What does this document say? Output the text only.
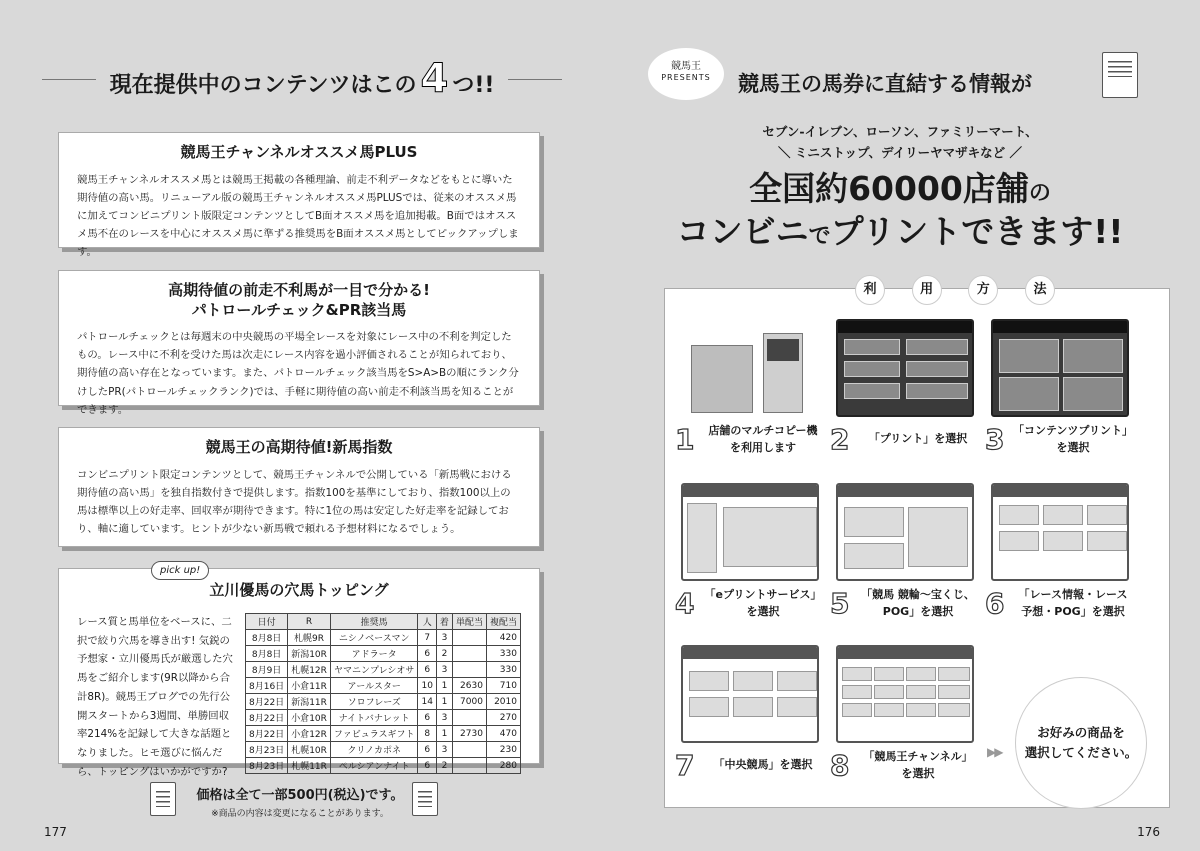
現在提供中のコンテンツはこの 4 つ!!
競馬王チャンネルオススメ馬PLUS

競馬王チャンネルオススメ馬とは競馬王掲載の各種理論、前走不利データなどをもとに導いた期待値の高い馬。リニューアル版の競馬王チャンネルオススメ馬PLUSでは、従来のオススメ馬に加えてコンビニプリント版限定コンテンツとしてB面オススメ馬を追加掲載。B面ではオススメ馬不在のレースを中心にオススメ馬に準ずる推奨馬をB面オススメ馬としてピックアップします。

高期待値の前走不利馬が一目で分かる!
パトロールチェック&PR該当馬

パトロールチェックとは毎週末の中央競馬の平場全レースを対象にレース中の不利を判定したもの。レース中に不利を受けた馬は次走にレース内容を過小評価されることが知られており、期待値の高い存在となっています。また、パトロールチェック該当馬をS>A>Bの順にランク分けしたPR(パトロールチェックランク)では、手軽に期待値の高い前走不利該当馬を知ることができます。

競馬王の高期待値!新馬指数

コンビニプリント限定コンテンツとして、競馬王チャンネルで公開している「新馬戦における期待値の高い馬」を独自指数付きで提供します。指数100を基準にしており、指数100以上の馬は標準以上の好走率、回収率が期待できます。特に1位の馬は安定した好走率を記録しており、軸に適しています。ヒントが少ない新馬戦で頼れる予想材料になるでしょう。

pick up!
立川優馬の穴馬トッピング
レース質と馬単位をベースに、二択で絞り穴馬を導き出す! 気鋭の予想家・立川優馬氏が厳選した穴馬をご紹介します(9R以降から合計8R)。競馬王ブログでの先行公開スタートから3週間、単勝回収率214%を記録して大きな話題となりました。ヒモ選びに悩んだら、トッピングはいかがですか?
日付	R	推奨馬	人	着	単配当	複配当
8月8日	札幌9R	ニシノベースマン	7	3		420
8月8日	新潟10R	アドラータ	6	2		330
8月9日	札幌12R	ヤマニンプレシオサ	6	3		330
8月16日	小倉11R	アールスター	10	1	2630	710
8月22日	新潟11R	ソロフレーズ	14	1	7000	2010
8月22日	小倉10R	ナイトバナレット	6	3		270
8月22日	小倉12R	ファビュラスギフト	8	1	2730	470
8月23日	札幌10R	クリノカポネ	6	3		230
8月23日	札幌11R	ペルシアンナイト	6	2		280
価格は全て一部500円(税込)です。
※商品の内容は変更になることがあります。
177
競馬王
PRESENTS	競馬王の馬券に直結する情報が
セブン-イレブン、ローソン、ファミリーマート、
＼ ミニストップ、デイリーヤマザキなど ／
全国約60000店舗の
コンビニでプリントできます!!
利	用	方	法
1	店舗のマルチコピー機
を利用します	2	「プリント」を選択 3 「コンテンツプリント」
を選択
4 「eプリントサービス」
を選択	5	「競馬 競輪〜宝くじ、
POG」を選択	6	「レース情報・レース
予想・POG」を選択
7	「中央競馬」を選択 8	「競馬王チャンネル」
を選択
▶▶
お好みの商品を
選択してください。
176
